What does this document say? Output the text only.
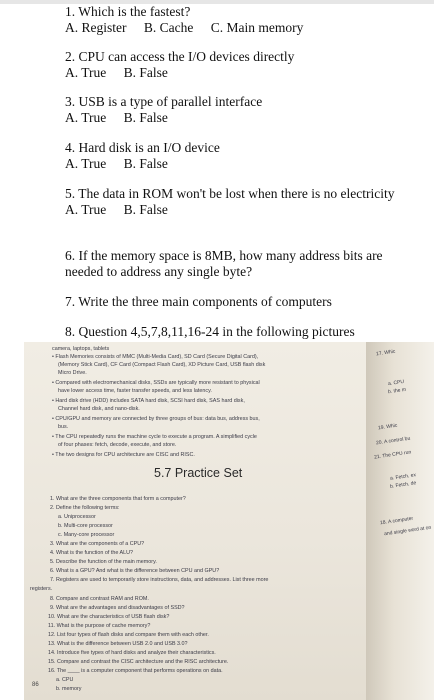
1. Which is the fastest?
A. Register B. Cache C. Main memory
2. CPU can access the I/O devices directly
A. True B. False
3. USB is a type of parallel interface
A. True B. False
4. Hard disk is an I/O device
A. True B. False
5. The data in ROM won't be lost when there is no electricity
A. True B. False
6. If the memory space is 8MB, how many address bits are needed to address any single byte?
7. Write the three main components of computers
8. Question 4,5,7,8,11,16-24 in the following pictures
camera, laptops, tablets
• Flash Memories consists of MMC (Multi-Media Card), SD Card (Secure Digital Card),
(Memory Stick Card), CF Card (Compact Flash Card), XD Picture Card, USB flash disk
Micro Drive.
• Compared with electromechanical disks, SSDs are typically more resistant to physical
have lower access time, faster transfer speeds, and less latency.
• Hard disk drive (HDD) includes SATA hard disk, SCSI hard disk, SAS hard disk,
Channel hard disk, and nano-disk.
• CPU/GPU and memory are connected by three groups of bus: data bus, address bus,
bus.
• The CPU repeatedly runs the machine cycle to execute a program. A simplified cycle
of four phases: fetch, decode, execute, and store.
• The two designs for CPU architecture are CISC and RISC.
5.7 Practice Set
1. What are the three components that form a computer?
2. Define the following terms:
a. Uniprocessor
b. Multi-core processor
c. Many-core processor
3. What are the components of a CPU?
4. What is the function of the ALU?
5. Describe the function of the main memory.
6. What is a GPU? And what is the difference between CPU and GPU?
7. Registers are used to temporarily store instructions, data, and addresses. List three more
registers.
8. Compare and contrast RAM and ROM.
9. What are the advantages and disadvantages of SSD?
10. What are the characteristics of USB flash disk?
11. What is the purpose of cache memory?
12. List four types of flash disks and compare them with each other.
13. What is the difference between USB 2.0 and USB 3.0?
14. Introduce five types of hard disks and analyze their characteristics.
15. Compare and contrast the CISC architecture and the RISC architecture.
16. The ____ is a computer component that performs operations on data.
a. CPU
b. memory
17. Whic
a. Fetch, ex
b. Fetch, de
18. A computer
and single word at on
21. The CPU run
20. A control bu
19. Whic
a. CPU
b. the m
86
